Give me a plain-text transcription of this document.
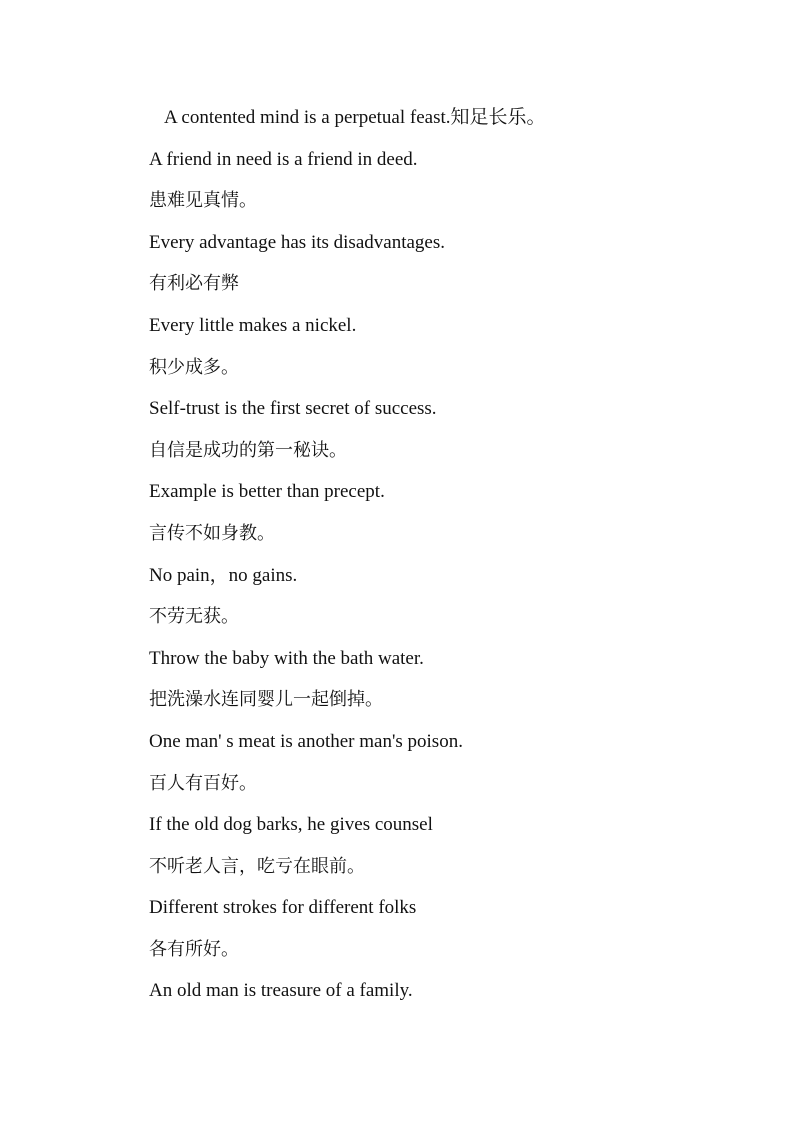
A contented mind is a perpetual feast.知足长乐。
A friend in need is a friend in deed.
患难见真情。
Every advantage has its disadvantages.
有利必有弊
Every little makes a nickel.
积少成多。
Self-trust is the first secret of success.
自信是成功的第一秘诀。
Example is better than precept.
言传不如身教。
No pain，no gains.
不劳无获。
Throw the baby with the bath water.
把洗澡水连同婴儿一起倒掉。
One man' s meat is another man's poison.
百人有百好。
If the old dog barks, he gives counsel
不听老人言，吃亏在眼前。
Different strokes for different folks
各有所好。
An old man is treasure of a family.
